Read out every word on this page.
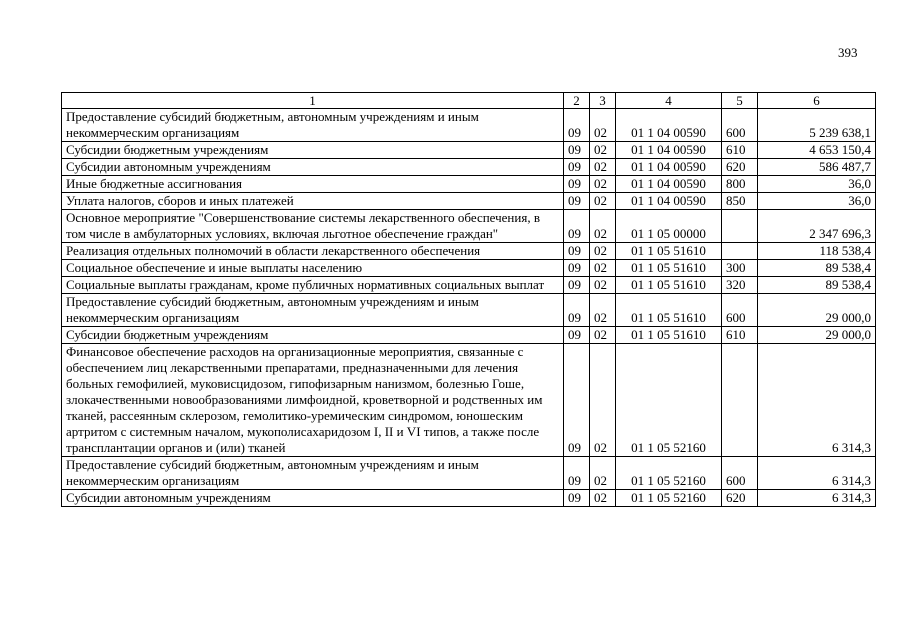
393
1	2	3	4	5	6
Предоставление субсидий бюджетным, автономным учреждениям и иным некоммерческим организациям	09	02	01 1 04 00590	600	5 239 638,1
Субсидии бюджетным учреждениям	09	02	01 1 04 00590	610	4 653 150,4
Субсидии автономным учреждениям	09	02	01 1 04 00590	620	586 487,7
Иные бюджетные ассигнования	09	02	01 1 04 00590	800	36,0
Уплата налогов, сборов и иных платежей	09	02	01 1 04 00590	850	36,0
Основное мероприятие "Совершенствование системы лекарственного обеспечения, в том числе в амбулаторных условиях, включая льготное обеспечение граждан"	09	02	01 1 05 00000		2 347 696,3
Реализация отдельных полномочий в области лекарственного обеспечения	09	02	01 1 05 51610		118 538,4
Социальное обеспечение и иные выплаты населению	09	02	01 1 05 51610	300	89 538,4
Социальные выплаты гражданам, кроме публичных нормативных социальных выплат	09	02	01 1 05 51610	320	89 538,4
Предоставление субсидий бюджетным, автономным учреждениям и иным некоммерческим организациям	09	02	01 1 05 51610	600	29 000,0
Субсидии бюджетным учреждениям	09	02	01 1 05 51610	610	29 000,0
Финансовое обеспечение расходов на организационные мероприятия, связанные с обеспечением лиц лекарственными препаратами, предназначенными для лечения больных гемофилией, муковисцидозом, гипофизарным нанизмом, болезнью Гоше, злокачественными новообразованиями лимфоидной, кроветворной и родственных им тканей, рассеянным склерозом, гемолитико-уремическим синдромом, юношеским артритом с системным началом, мукополисахаридозом I, II и VI типов, а также после трансплантации органов и (или) тканей	09	02	01 1 05 52160		6 314,3
Предоставление субсидий бюджетным, автономным учреждениям и иным некоммерческим организациям	09	02	01 1 05 52160	600	6 314,3
Субсидии автономным учреждениям	09	02	01 1 05 52160	620	6 314,3
